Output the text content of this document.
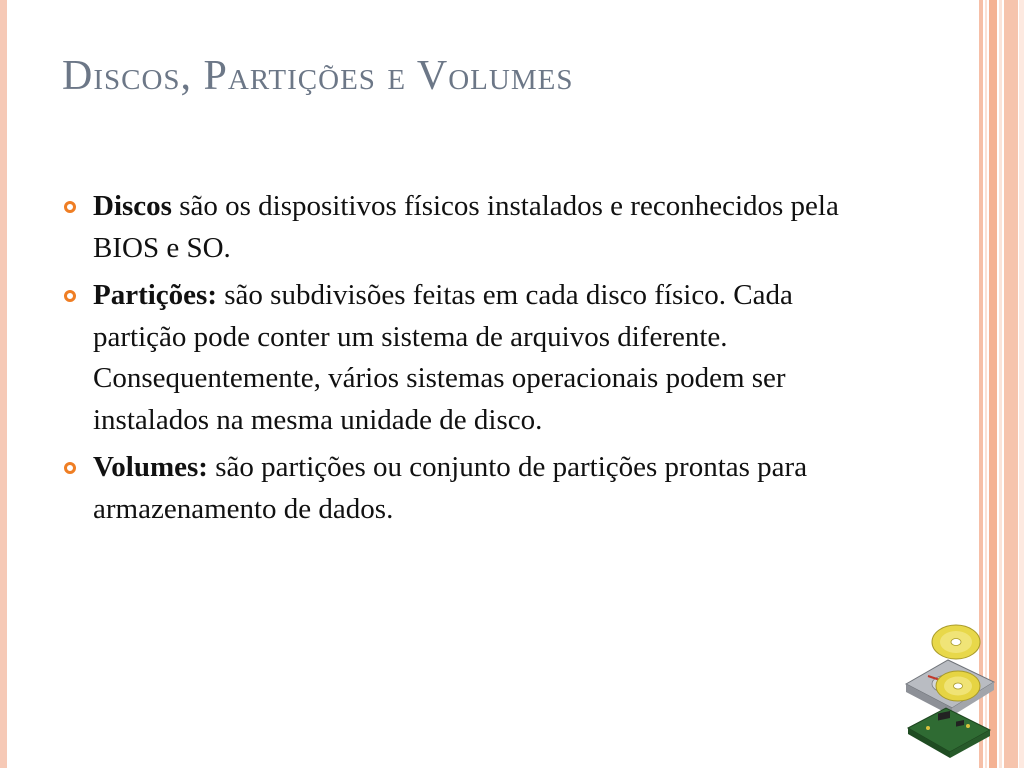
Discos, Partições e Volumes
Discos são os dispositivos físicos instalados e reconhecidos pela BIOS e SO.
Partições: são subdivisões feitas em cada disco físico. Cada partição pode conter um sistema de arquivos diferente. Consequentemente, vários sistemas operacionais podem ser instalados na mesma unidade de disco.
Volumes: são partições ou conjunto de partições prontas para armazenamento de dados.
